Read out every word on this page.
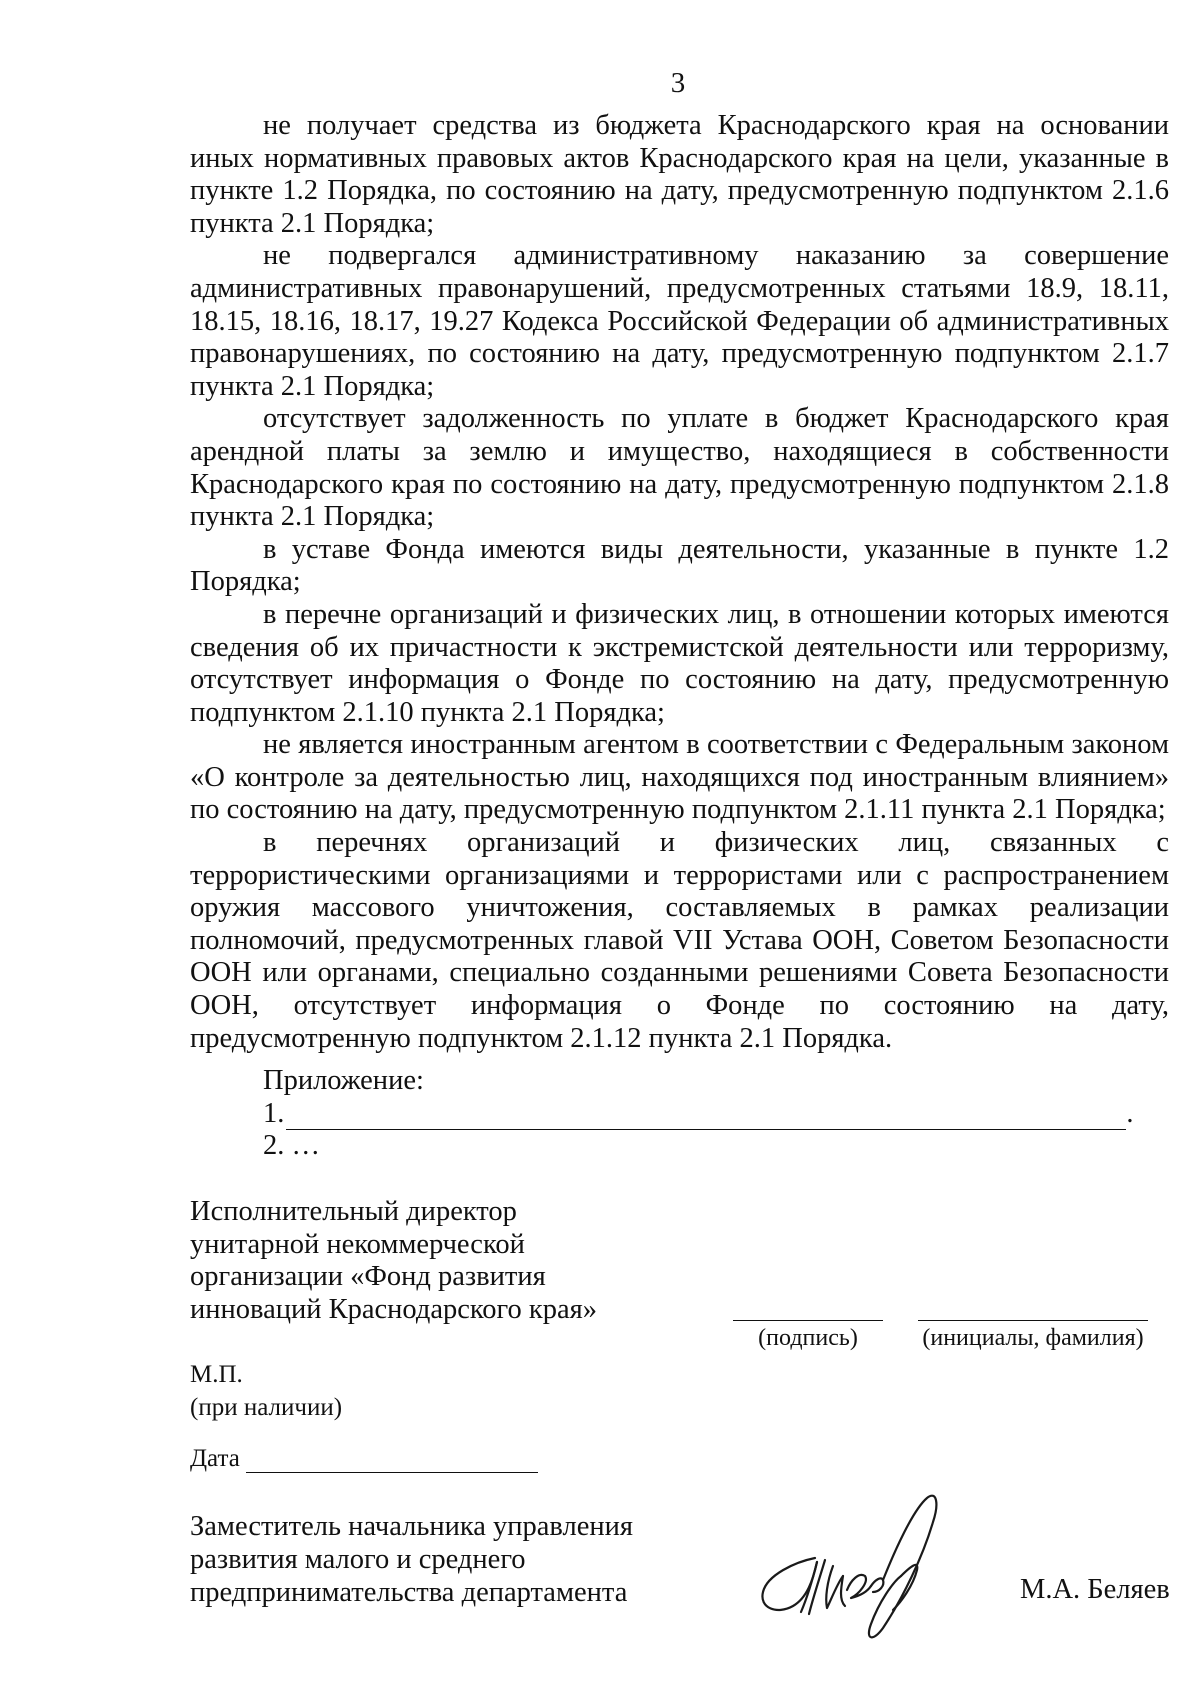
3

не получает средства из бюджета Краснодарского края на основании иных нормативных правовых актов Краснодарского края на цели, указанные в пункте 1.2 Порядка, по состоянию на дату, предусмотренную подпунктом 2.1.6 пункта 2.1 Порядка;

не подвергался административному наказанию за совершение административных правонарушений, предусмотренных статьями 18.9, 18.11, 18.15, 18.16, 18.17, 19.27 Кодекса Российской Федерации об административных правонарушениях, по состоянию на дату, предусмотренную подпунктом 2.1.7 пункта 2.1 Порядка;

отсутствует задолженность по уплате в бюджет Краснодарского края арендной платы за землю и имущество, находящиеся в собственности Краснодарского края по состоянию на дату, предусмотренную подпунктом 2.1.8 пункта 2.1 Порядка;

в уставе Фонда имеются виды деятельности, указанные в пункте 1.2 Порядка;

в перечне организаций и физических лиц, в отношении которых имеются сведения об их причастности к экстремистской деятельности или терроризму, отсутствует информация о Фонде по состоянию на дату, предусмотренную подпунктом 2.1.10 пункта 2.1 Порядка;

не является иностранным агентом в соответствии с Федеральным законом «О контроле за деятельностью лиц, находящихся под иностранным влиянием» по состоянию на дату, предусмотренную подпунктом 2.1.11 пункта 2.1 Порядка;

в перечнях организаций и физических лиц, связанных с террористическими организациями и террористами или с распространением оружия массового уничтожения, составляемых в рамках реализации полномочий, предусмотренных главой VII Устава ООН, Советом Безопасности ООН или органами, специально созданными решениями Совета Безопасности ООН, отсутствует информация о Фонде по состоянию на дату, предусмотренную подпунктом 2.1.12 пункта 2.1 Порядка.

Приложение:
1.	.
2. …
Исполнительный директор
унитарной некоммерческой
организации «Фонд развития
инноваций Краснодарского края»
(подпись)	(инициалы, фамилия)
М.П.
(при наличии)
Дата
Заместитель начальника управления
развития малого и среднего
предпринимательства департамента	М.А. Беляев
